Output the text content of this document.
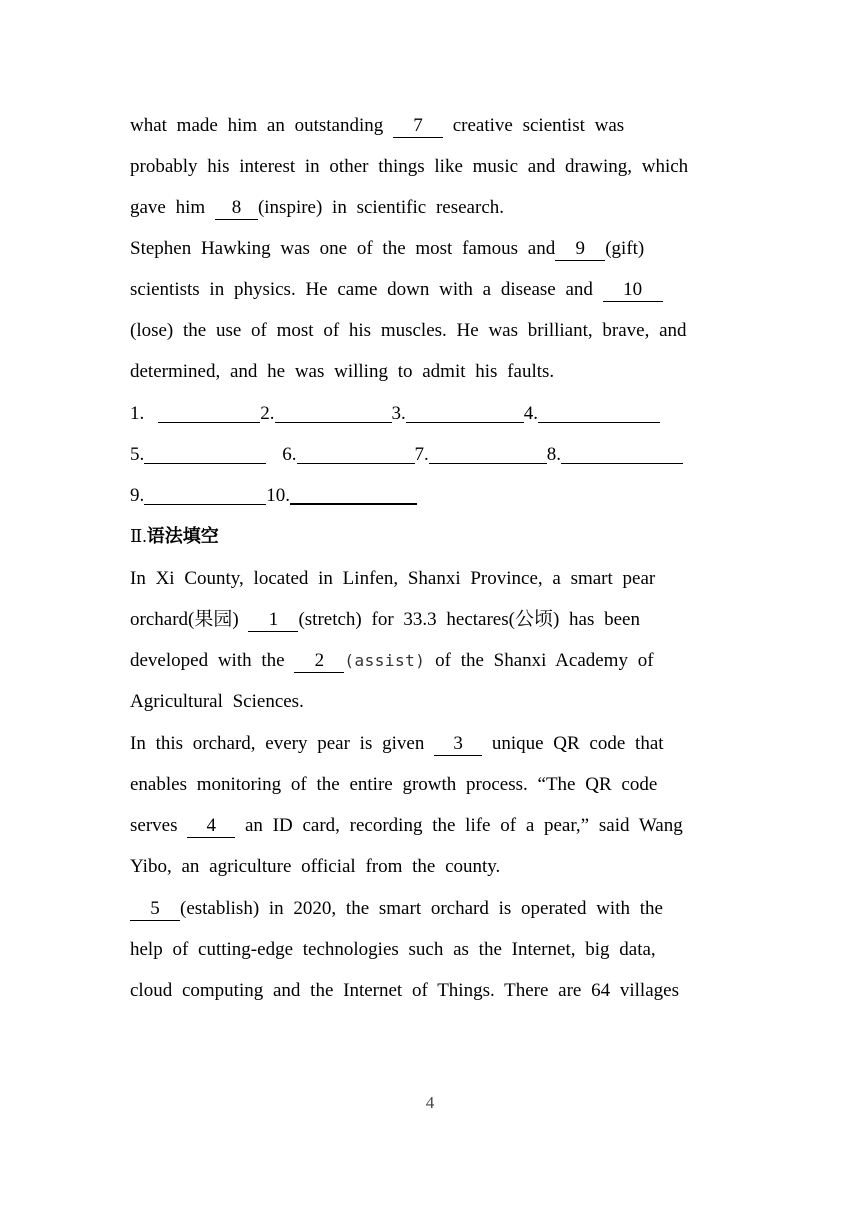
what made him an outstanding 7 creative scientist was
probably his interest in other things like music and drawing, which
gave him 8 (inspire) in scientific research.
Stephen Hawking was one of the most famous and 9 (gift)
scientists in physics. He came down with a disease and 10
(lose) the use of most of his muscles. He was brilliant, brave, and
determined, and he was willing to admit his faults.
1.	2.	3.	4.
5.	6.	7.	8.
9.	10.
Ⅱ.语法填空
In Xi County, located in Linfen, Shanxi Province, a smart pear
orchard(果园) 1 (stretch) for 33.3 hectares(公顷) has been
developed with the 2 (assist) of the Shanxi Academy of
Agricultural Sciences.
In this orchard, every pear is given 3 unique QR code that
enables monitoring of the entire growth process. “The QR code
serves 4 an ID card, recording the life of a pear,” said Wang
Yibo, an agriculture official from the county.
5 (establish) in 2020, the smart orchard is operated with the
help of cutting-edge technologies such as the Internet, big data,
cloud computing and the Internet of Things. There are 64 villages
4
